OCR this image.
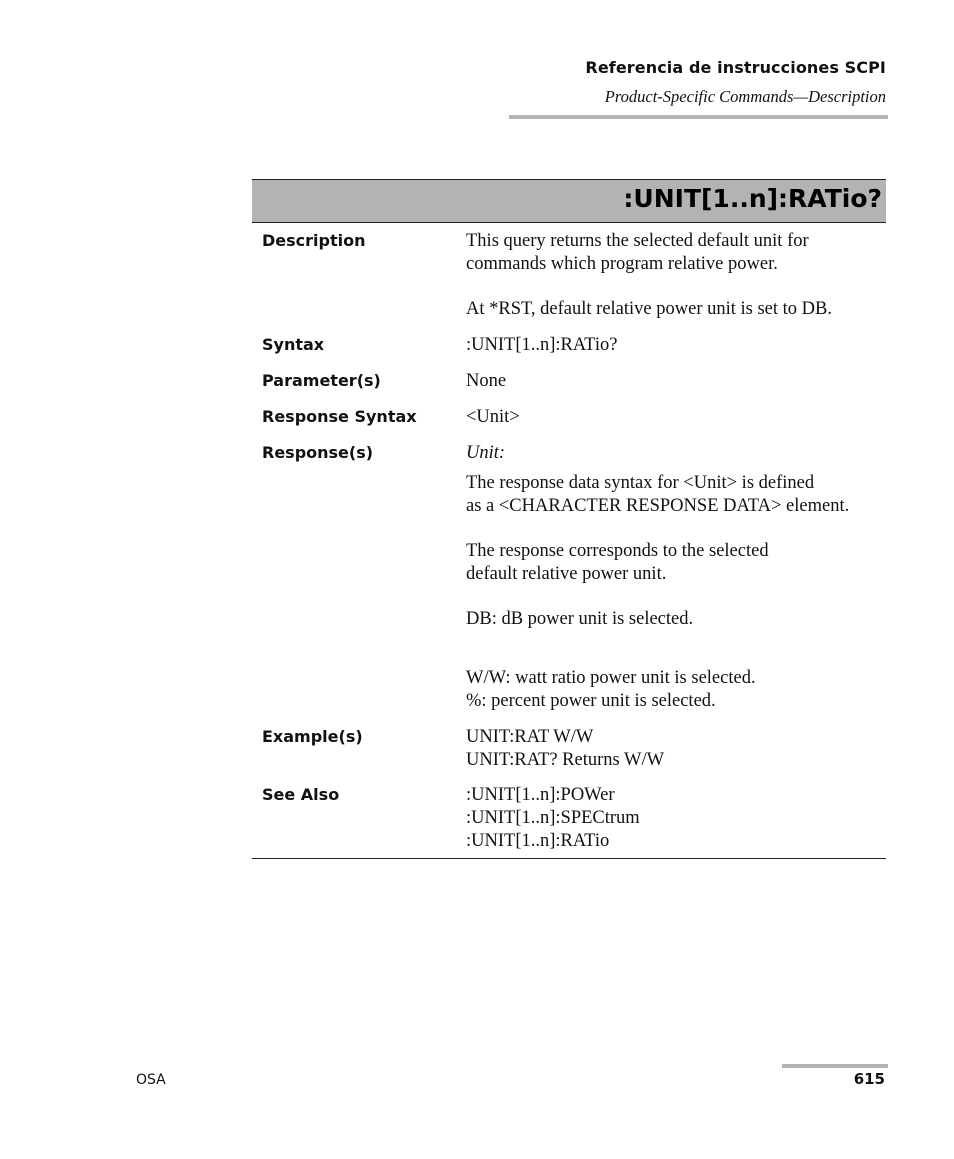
Referencia de instrucciones SCPI
Product-Specific Commands—Description
:UNIT[1..n]:RATio?
Description	This query returns the selected default unit for
commands which program relative power.
At *RST, default relative power unit is set to DB.
Syntax	:UNIT[1..n]:RATio?
Parameter(s)	None
Response Syntax	<Unit>
Response(s)	Unit:
The response data syntax for <Unit> is defined
as a <CHARACTER RESPONSE DATA> element.
The response corresponds to the selected
default relative power unit.
DB: dB power unit is selected.
W/W: watt ratio power unit is selected.
%: percent power unit is selected.
Example(s)	UNIT:RAT W/W
UNIT:RAT? Returns W/W
See Also	:UNIT[1..n]:POWer
:UNIT[1..n]:SPECtrum
:UNIT[1..n]:RATio
OSA	615
